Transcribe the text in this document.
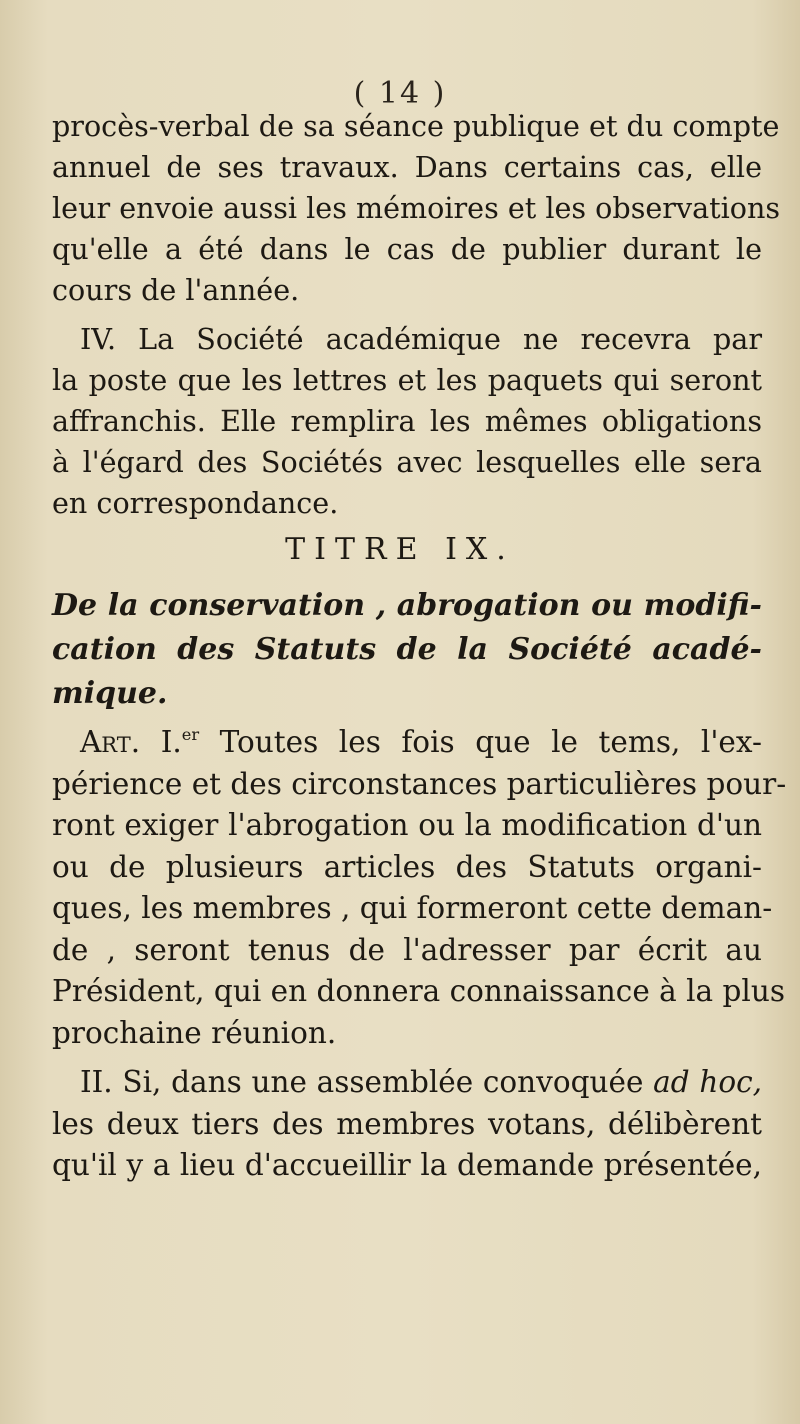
( 14 )
procès-verbal de sa séance publique et du compte
annuel de ses travaux. Dans certains cas, elle
leur envoie aussi les mémoires et les observations
qu'elle a été dans le cas de publier durant le
cours de l'année.
IV. La Société académique ne recevra par
la poste que les lettres et les paquets qui seront
affranchis. Elle remplira les mêmes obligations
à l'égard des Sociétés avec lesquelles elle sera
en correspondance.
TITRE IX.
De la conservation , abrogation ou modifi-
cation des Statuts de la Société acadé-
mique.
Art. I.$^{er}$ Toutes les fois que le tems, l'ex-
périence et des circonstances particulières pour-
ront exiger l'abrogation ou la modification d'un
ou de plusieurs articles des Statuts organi-
ques, les membres , qui formeront cette deman-
de , seront tenus de l'adresser par écrit au
Président, qui en donnera connaissance à la plus
prochaine réunion.
II. Si, dans une assemblée convoquée ad hoc,
les deux tiers des membres votans, délibèrent
qu'il y a lieu d'accueillir la demande présentée,
